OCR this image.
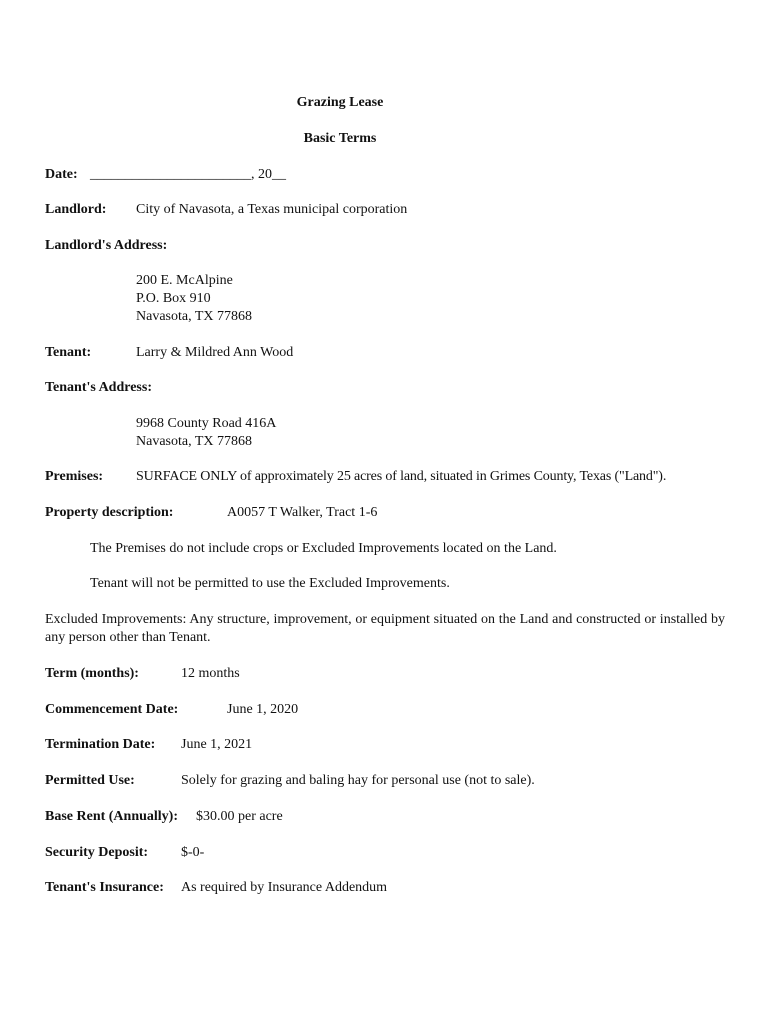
Grazing Lease
Basic Terms
Date: _______________________, 20__
Landlord: City of Navasota, a Texas municipal corporation
Landlord's Address:
200 E. McAlpine
P.O. Box 910
Navasota, TX 77868
Tenant:	Larry & Mildred Ann Wood
Tenant's Address:
9968 County Road 416A
Navasota, TX 77868
Premises: SURFACE ONLY of approximately 25 acres of land, situated in Grimes County, Texas ("Land").
Property description:	A0057 T Walker, Tract 1-6
The Premises do not include crops or Excluded Improvements located on the Land.
Tenant will not be permitted to use the Excluded Improvements.
Excluded Improvements: Any structure, improvement, or equipment situated on the Land and constructed or installed by any person other than Tenant.
Term (months):	12 months
Commencement Date:	June 1, 2020
Termination Date: June 1, 2021
Permitted Use:	Solely for grazing and baling hay for personal use (not to sale).
Base Rent (Annually): $30.00 per acre
Security Deposit: $-0-
Tenant's Insurance: As required by Insurance Addendum
